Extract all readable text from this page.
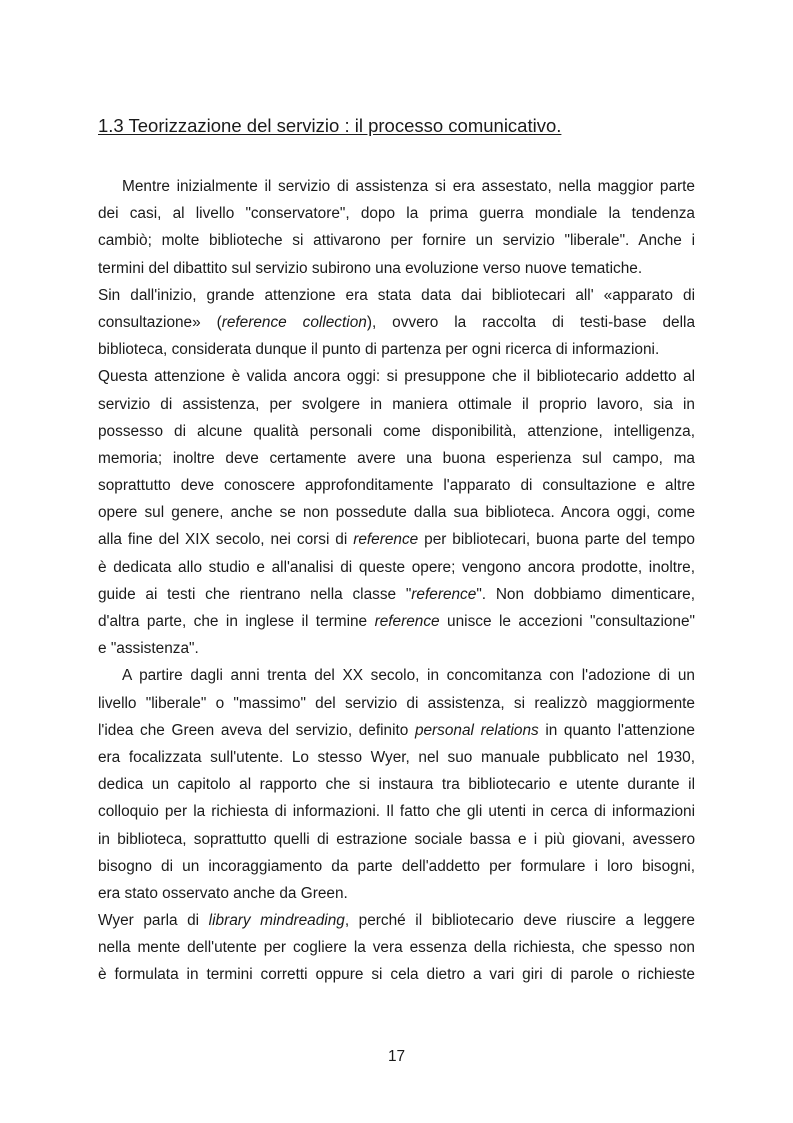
1.3 Teorizzazione del servizio : il processo comunicativo.
Mentre inizialmente il servizio di assistenza si era assestato, nella maggior parte
dei casi, al livello "conservatore", dopo la prima guerra mondiale la tendenza
cambiò; molte biblioteche si attivarono per fornire un servizio "liberale". Anche i
termini del dibattito sul servizio subirono una evoluzione verso nuove tematiche.
Sin dall'inizio, grande attenzione era stata data dai bibliotecari all' «apparato di
consultazione» (reference collection), ovvero la raccolta di testi-base della
biblioteca, considerata dunque il punto di partenza per ogni ricerca di informazioni.
Questa attenzione è valida ancora oggi: si presuppone che il bibliotecario addetto al
servizio di assistenza, per svolgere in maniera ottimale il proprio lavoro, sia in
possesso di alcune qualità personali come disponibilità, attenzione, intelligenza,
memoria; inoltre deve certamente avere una buona esperienza sul campo, ma
soprattutto deve conoscere approfonditamente l'apparato di consultazione e altre
opere sul genere, anche se non possedute dalla sua biblioteca. Ancora oggi, come
alla fine del XIX secolo, nei corsi di reference per bibliotecari, buona parte del tempo
è dedicata allo studio e all'analisi di queste opere; vengono ancora prodotte, inoltre,
guide ai testi che rientrano nella classe "reference". Non dobbiamo dimenticare,
d'altra parte, che in inglese il termine reference unisce le accezioni "consultazione"
e "assistenza".
A partire dagli anni trenta del XX secolo, in concomitanza con l'adozione di un
livello "liberale" o "massimo" del servizio di assistenza, si realizzò maggiormente
l'idea che Green aveva del servizio, definito personal relations in quanto l'attenzione
era focalizzata sull'utente. Lo stesso Wyer, nel suo manuale pubblicato nel 1930,
dedica un capitolo al rapporto che si instaura tra bibliotecario e utente durante il
colloquio per la richiesta di informazioni. Il fatto che gli utenti in cerca di informazioni
in biblioteca, soprattutto quelli di estrazione sociale bassa e i più giovani, avessero
bisogno di un incoraggiamento da parte dell'addetto per formulare i loro bisogni,
era stato osservato anche da Green.
Wyer parla di library mindreading, perché il bibliotecario deve riuscire a leggere
nella mente dell'utente per cogliere la vera essenza della richiesta, che spesso non
è formulata in termini corretti oppure si cela dietro a vari giri di parole o richieste
17
